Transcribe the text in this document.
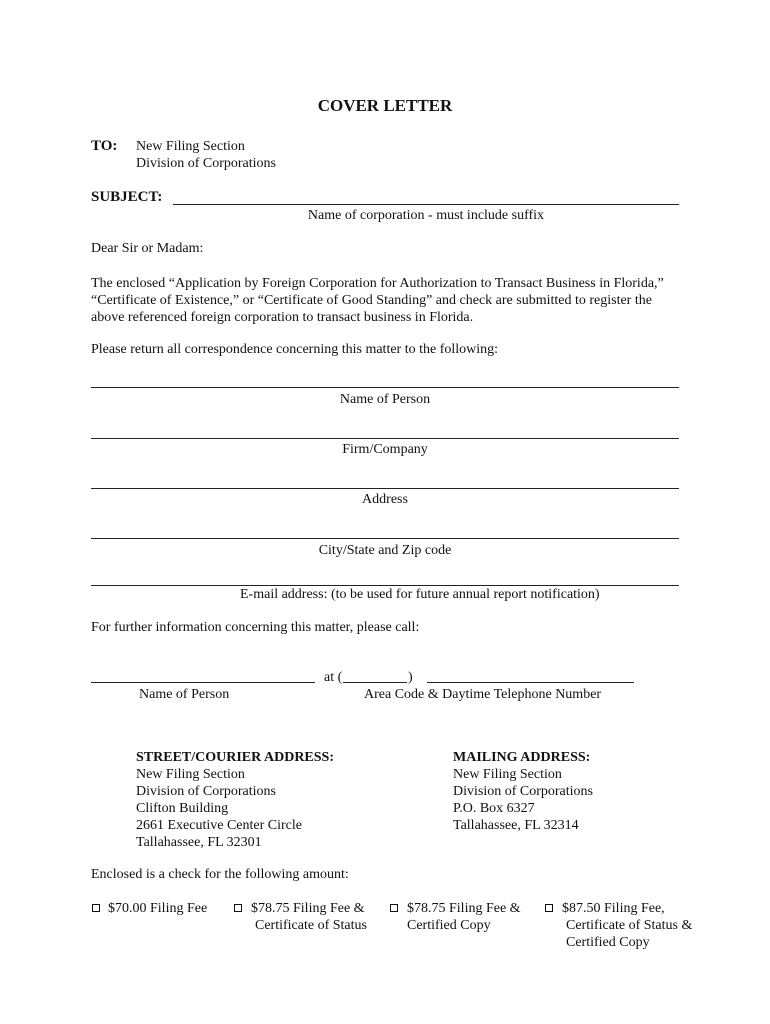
COVER LETTER
TO: New Filing Section
Division of Corporations
SUBJECT:
Name of corporation - must include suffix
Dear Sir or Madam:
The enclosed “Application by Foreign Corporation for Authorization to Transact Business in Florida,”
“Certificate of Existence,” or “Certificate of Good Standing” and check are submitted to register the
above referenced foreign corporation to transact business in Florida.
Please return all correspondence concerning this matter to the following:
Name of Person
Firm/Company
Address
City/State and Zip code
E-mail address: (to be used for future annual report notification)
For further information concerning this matter, please call:
at (	)
Name of Person	Area Code & Daytime Telephone Number
STREET/COURIER ADDRESS:
New Filing Section
Division of Corporations
Clifton Building
2661 Executive Center Circle
Tallahassee, FL 32301
MAILING ADDRESS:
New Filing Section
Division of Corporations
P.O. Box 6327
Tallahassee, FL 32314
Enclosed is a check for the following amount:
$70.00 Filing Fee	$78.75 Filing Fee &
Certificate of Status
$78.75 Filing Fee &
Certified Copy
$87.50 Filing Fee,
Certificate of Status &
Certified Copy
